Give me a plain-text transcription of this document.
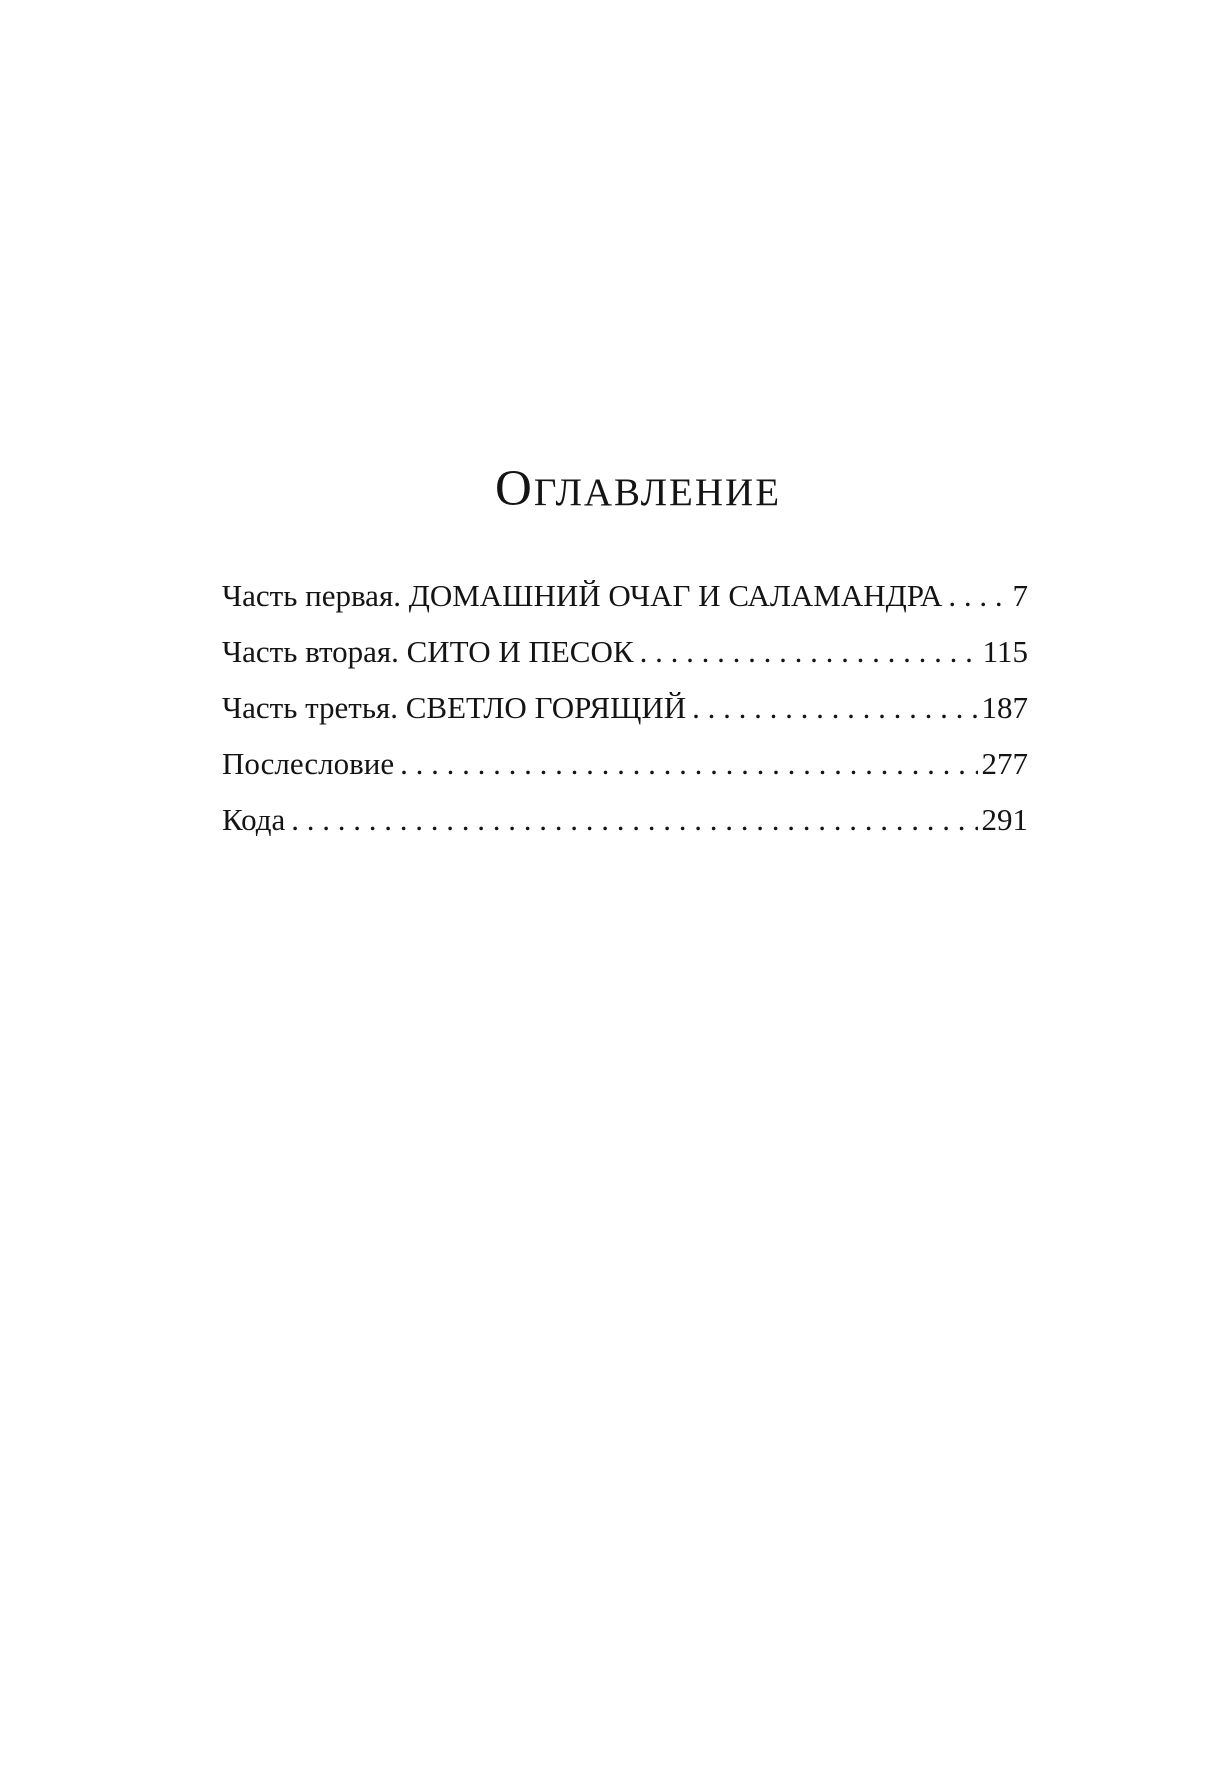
ОГЛАВЛЕНИЕ
Часть первая. ДОМАШНИЙ ОЧАГ И САЛАМАНДРА . . . 7
Часть вторая. СИТО И ПЕСОК . . .	115
Часть третья. СВЕТЛО ГОРЯЩИЙ . . .	187
Послесловие . . .	277
Кода . . .	291
